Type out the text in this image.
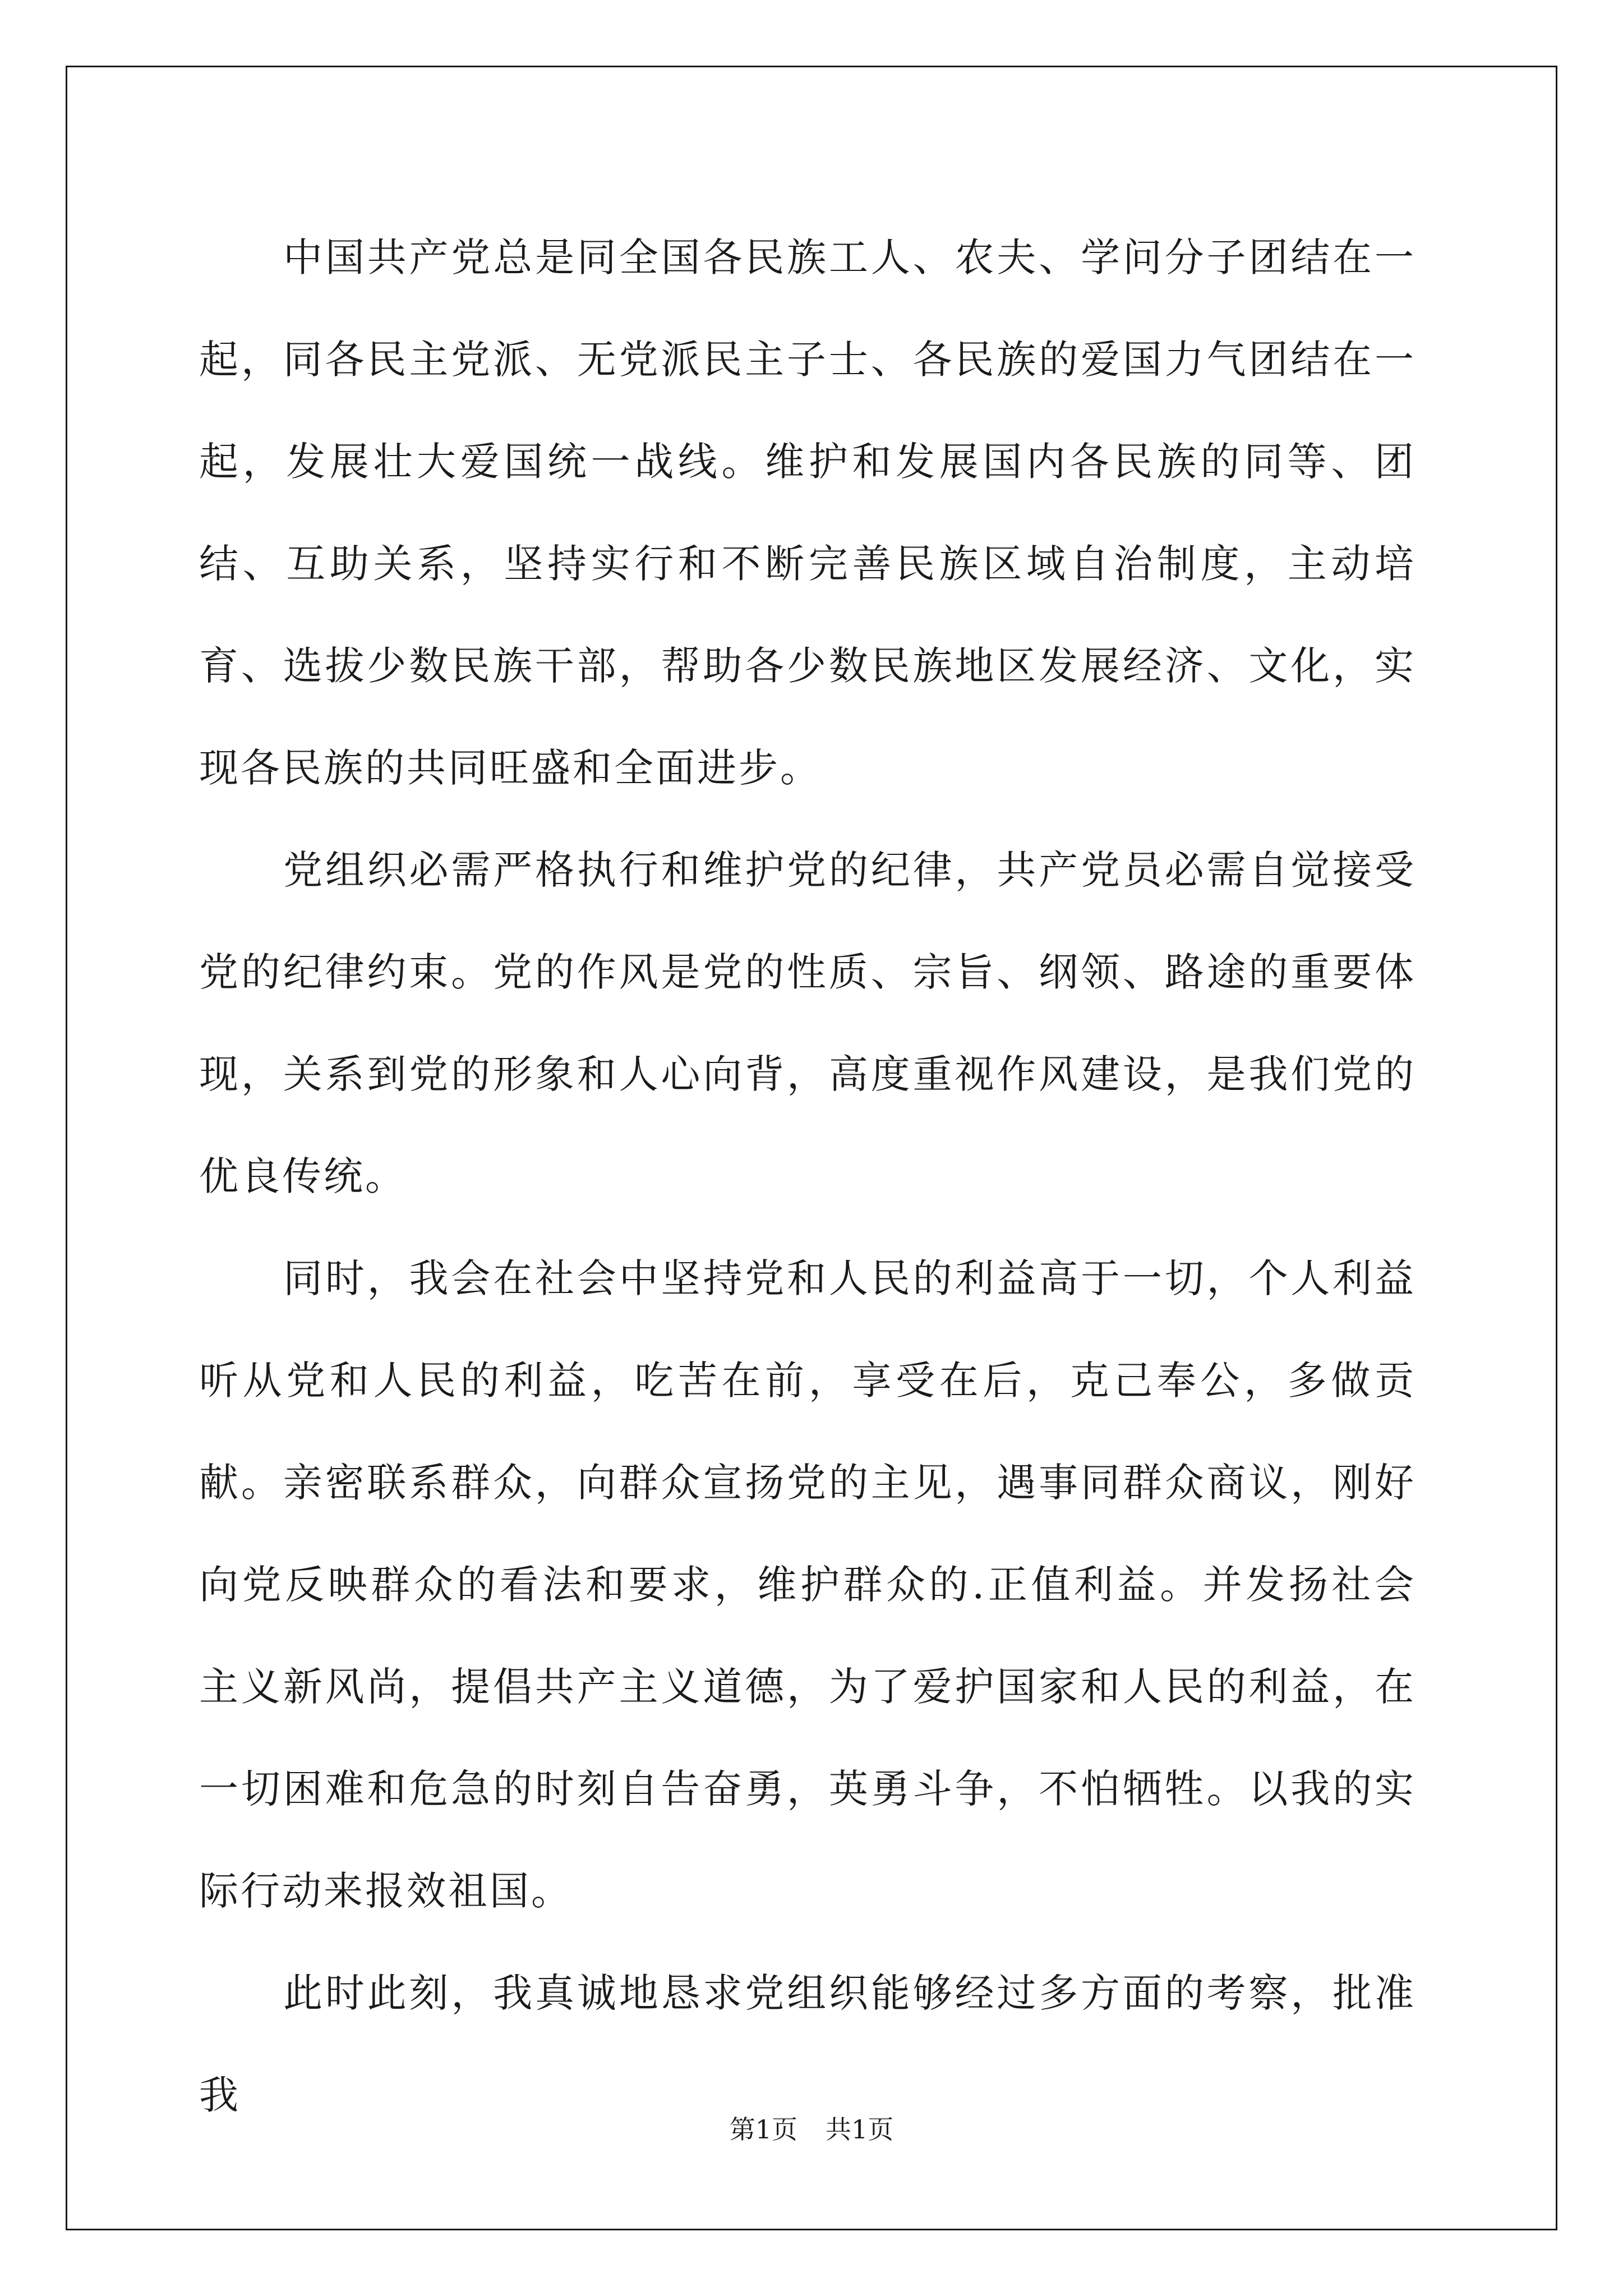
中国共产党总是同全国各民族工人、农夫、学问分子团结在一起，同各民主党派、无党派民主子士、各民族的爱国力气团结在一起，发展壮大爱国统一战线。维护和发展国内各民族的同等、团结、互助关系，坚持实行和不断完善民族区域自治制度，主动培育、选拔少数民族干部，帮助各少数民族地区发展经济、文化，实现各民族的共同旺盛和全面进步。

党组织必需严格执行和维护党的纪律，共产党员必需自觉接受党的纪律约束。党的作风是党的性质、宗旨、纲领、路途的重要体现，关系到党的形象和人心向背，高度重视作风建设，是我们党的优良传统。

同时，我会在社会中坚持党和人民的利益高于一切，个人利益听从党和人民的利益，吃苦在前，享受在后，克己奉公，多做贡献。亲密联系群众，向群众宣扬党的主见，遇事同群众商议，刚好向党反映群众的看法和要求，维护群众的.正值利益。并发扬社会主义新风尚，提倡共产主义道德，为了爱护国家和人民的利益，在一切困难和危急的时刻自告奋勇，英勇斗争，不怕牺牲。以我的实际行动来报效祖国。

此时此刻，我真诚地恳求党组织能够经过多方面的考察，批准我

第1页 共1页
